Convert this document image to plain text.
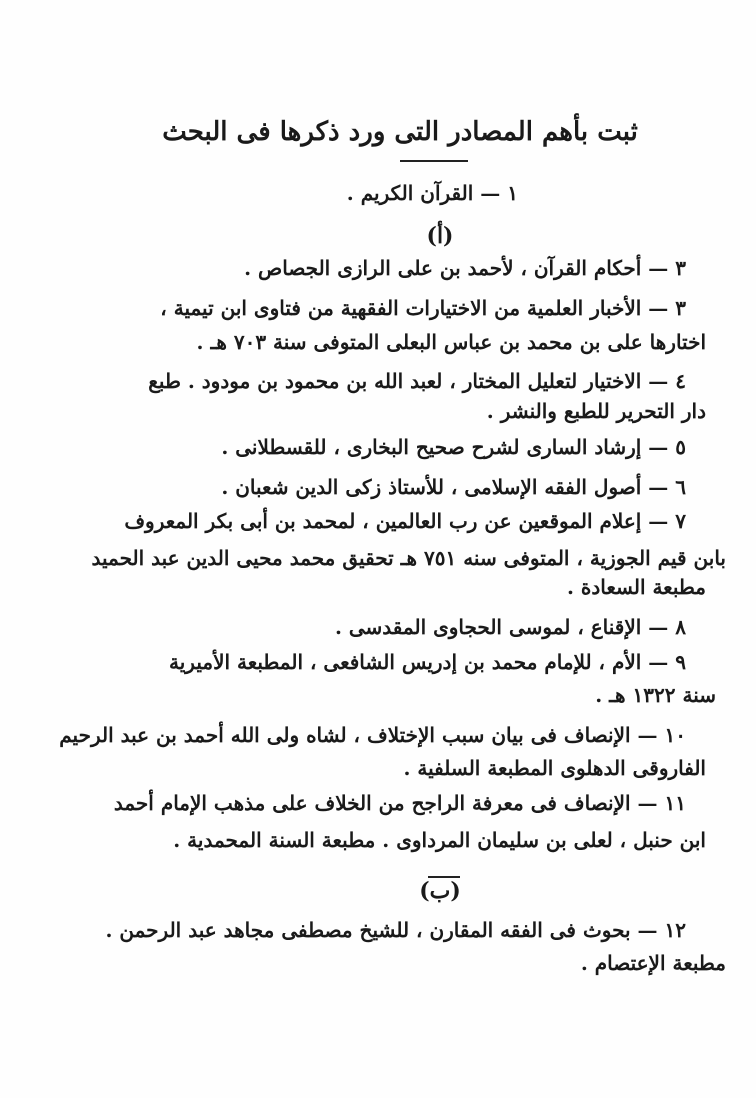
ثبت بأهم المصادر التى ورد ذكرها فى البحث
١ — القرآن الكريم .
(أ)
٣ — أحكام القرآن ، لأحمد بن على الرازى الجصاص .
٣ — الأخبار العلمية من الاختيارات الفقهية من فتاوى ابن تيمية ،
اختارها على بن محمد بن عباس البعلى المتوفى سنة ٧٠٣ هـ .
٤ — الاختيار لتعليل المختار ، لعبد الله بن محمود بن مودود . طبع
دار التحرير للطبع والنشر .
٥ — إرشاد السارى لشرح صحيح البخارى ، للقسطلانى .
٦ — أصول الفقه الإسلامى ، للأستاذ زكى الدين شعبان .
٧ — إعلام الموقعين عن رب العالمين ، لمحمد بن أبى بكر المعروف
بابن قيم الجوزية ، المتوفى سنه ٧٥١ هـ تحقيق محمد محيى الدين عبد الحميد
مطبعة السعادة .
٨ — الإقناع ، لموسى الحجاوى المقدسى .
٩ — الأم ، للإمام محمد بن إدريس الشافعى ، المطبعة الأميرية
سنة ١٣٢٢ هـ .
١٠ — الإنصاف فى بيان سبب الإختلاف ، لشاه ولى الله أحمد بن عبد الرحيم
الفاروقى الدهلوى المطبعة السلفية .
١١ — الإنصاف فى معرفة الراجح من الخلاف على مذهب الإمام أحمد
ابن حنبل ، لعلى بن سليمان المرداوى . مطبعة السنة المحمدية .
(ب)
١٢ — بحوث فى الفقه المقارن ، للشيخ مصطفى مجاهد عبد الرحمن .
مطبعة الإعتصام .
